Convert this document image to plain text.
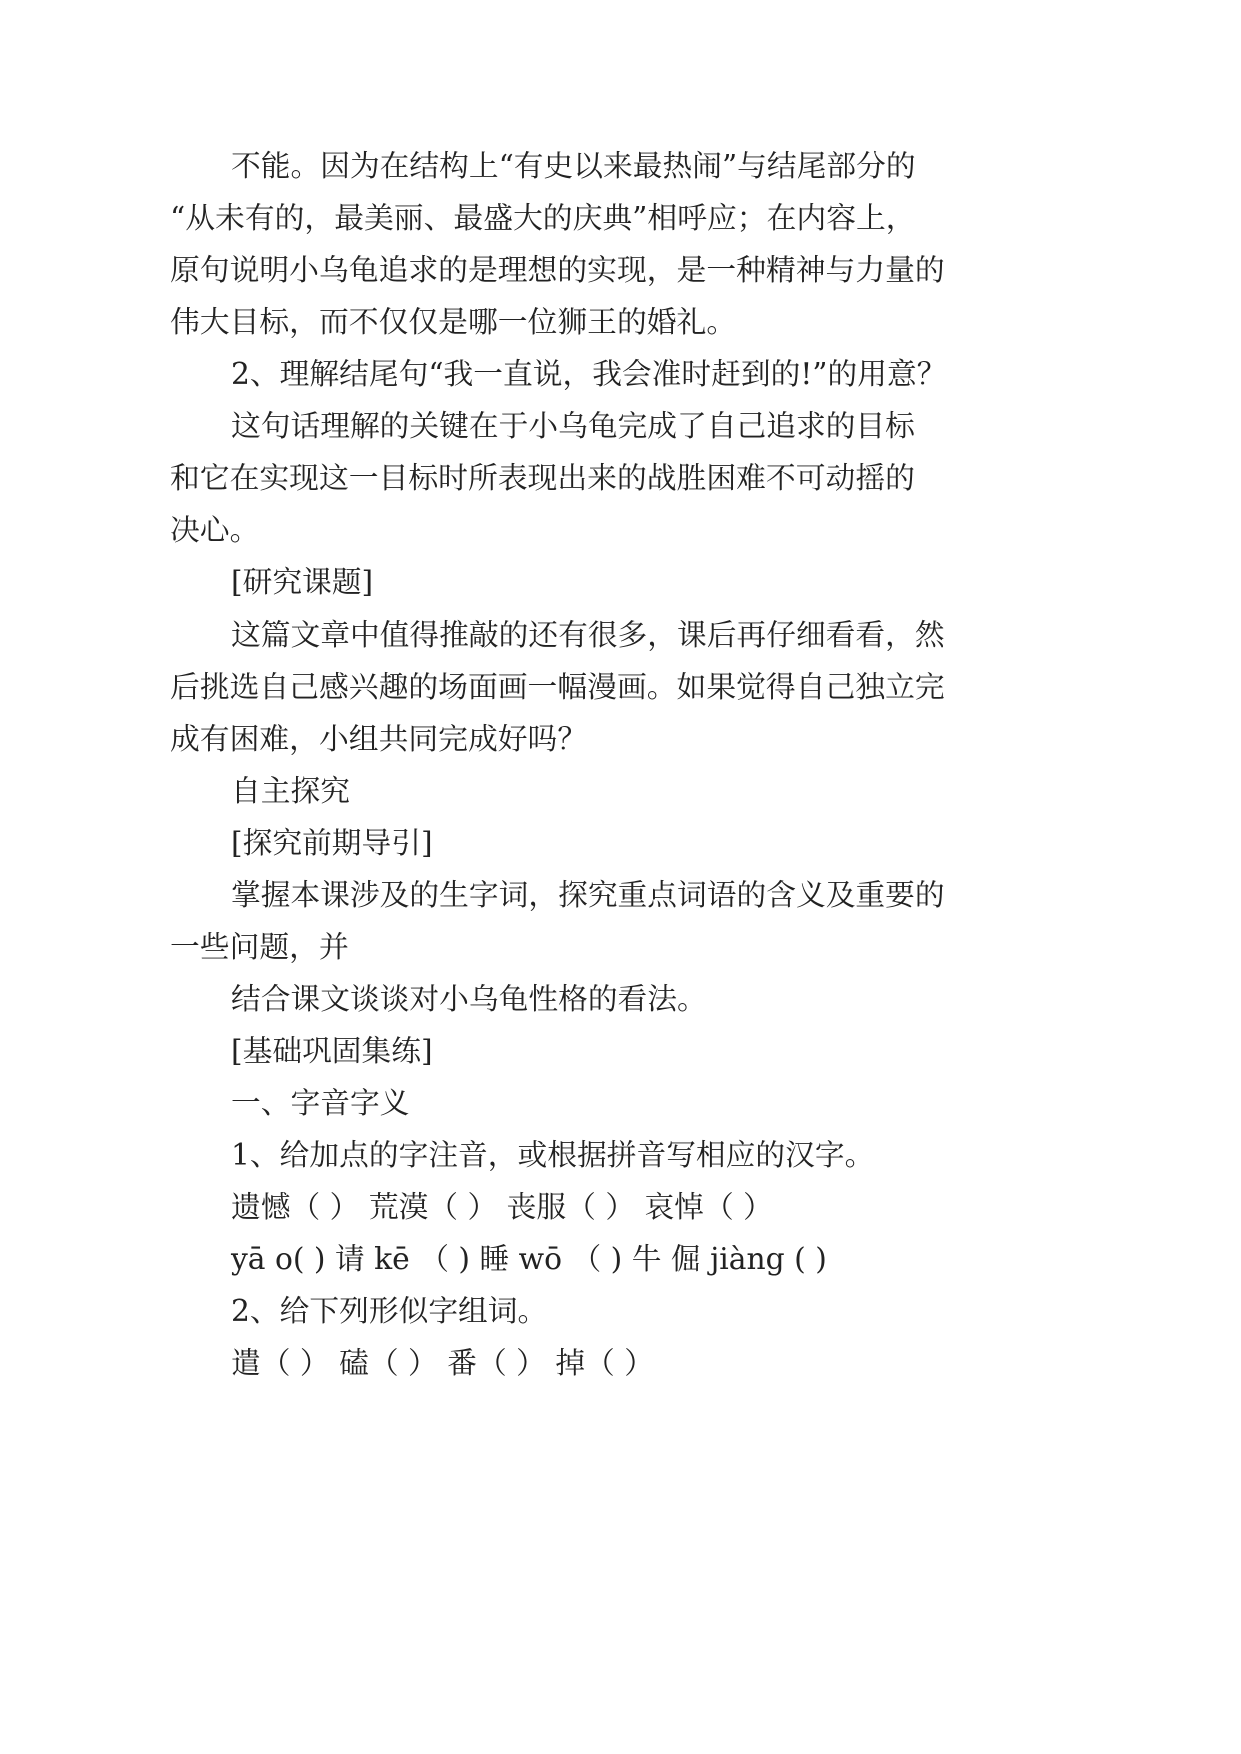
不能。因为在结构上“有史以来最热闹”与结尾部分的
“从未有的，最美丽、最盛大的庆典”相呼应；在内容上，
原句说明小乌龟追求的是理想的实现，是一种精神与力量的
伟大目标，而不仅仅是哪一位狮王的婚礼。
2、理解结尾句“我一直说，我会准时赶到的!”的用意？
这句话理解的关键在于小乌龟完成了自己追求的目标
和它在实现这一目标时所表现出来的战胜困难不可动摇的
决心。
[研究课题]
这篇文章中值得推敲的还有很多，课后再仔细看看，然
后挑选自己感兴趣的场面画一幅漫画。如果觉得自己独立完
成有困难，小组共同完成好吗？
自主探究
[探究前期导引]
掌握本课涉及的生字词，探究重点词语的含义及重要的
一些问题，并
结合课文谈谈对小乌龟性格的看法。
[基础巩固集练]
一、字音字义
1、给加点的字注音，或根据拼音写相应的汉字。
遗憾（ ） 荒漠（ ） 丧服（ ） 哀悼（ ）
yā o( ) 请 kē （ ) 睡 wō （ ) 牛 倔 jiàng ( )
2、给下列形似字组词。
遣（ ） 磕（ ） 番（ ） 掉（ ）
